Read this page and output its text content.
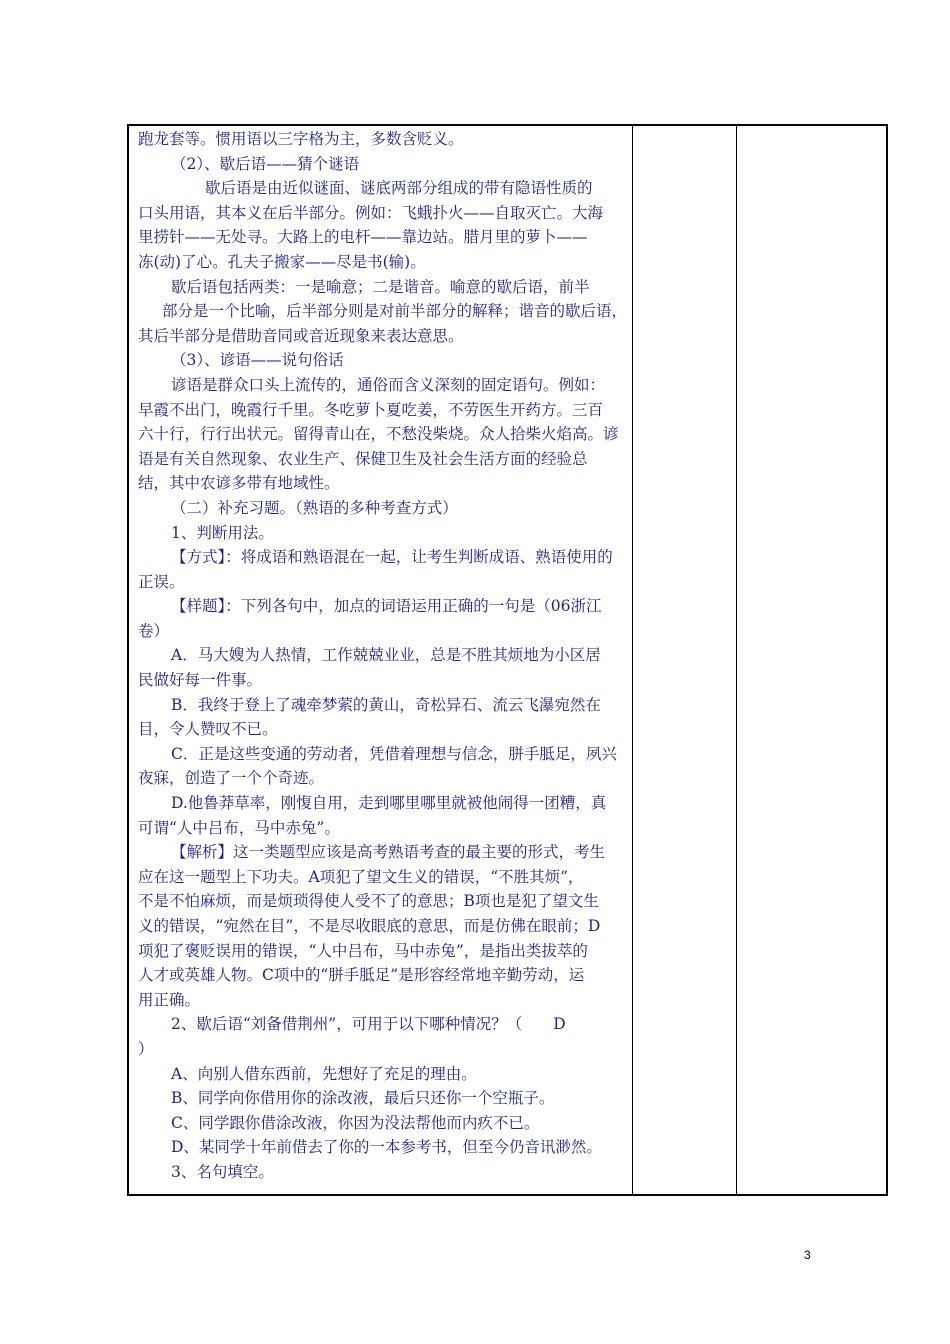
跑龙套等。惯用语以三字格为主，多数含贬义。

（2）、歇后语——猜个谜语

歇后语是由近似谜面、谜底两部分组成的带有隐语性质的

口头用语，其本义在后半部分。例如：飞蛾扑火——自取灭亡。大海

里捞针——无处寻。大路上的电杆——靠边站。腊月里的萝卜——

冻(动)了心。孔夫子搬家——尽是书(输)。

歇后语包括两类：一是喻意；二是谐音。喻意的歇后语，前半

部分是一个比喻，后半部分则是对前半部分的解释；谐音的歇后语，

其后半部分是借助音同或音近现象来表达意思。

（3）、谚语——说句俗话

谚语是群众口头上流传的，通俗而含义深刻的固定语句。例如：

早霞不出门，晚霞行千里。冬吃萝卜夏吃姜，不劳医生开药方。三百

六十行，行行出状元。留得青山在，不愁没柴烧。众人拾柴火焰高。谚

语是有关自然现象、农业生产、保健卫生及社会生活方面的经验总

结，其中农谚多带有地域性。

（二）补充习题。（熟语的多种考查方式）

1、判断用法。

【方式】：将成语和熟语混在一起，让考生判断成语、熟语使用的

正误。

【样题】：下列各句中，加点的词语运用正确的一句是（06浙江

卷）

A．马大嫂为人热情，工作兢兢业业，总是不胜其烦地为小区居

民做好每一件事。

B．我终于登上了魂牵梦萦的黄山，奇松异石、流云飞瀑宛然在

目，令人赞叹不已。

C．正是这些变通的劳动者，凭借着理想与信念，胼手胝足，夙兴

夜寐，创造了一个个奇迹。

D.他鲁莽草率，刚愎自用，走到哪里哪里就被他闹得一团糟，真

可谓“人中吕布，马中赤兔”。

【解析】这一类题型应该是高考熟语考查的最主要的形式，考生

应在这一题型上下功夫。A项犯了望文生义的错误，“不胜其烦”，

不是不怕麻烦，而是烦琐得使人受不了的意思；B项也是犯了望文生

义的错误，“宛然在目”，不是尽收眼底的意思，而是仿佛在眼前；D

项犯了褒贬误用的错误，“人中吕布，马中赤兔”，是指出类拔萃的

人才或英雄人物。C项中的“胼手胝足”是形容经常地辛勤劳动，运

用正确。

2、歇后语“刘备借荆州”，可用于以下哪种情况？（　　D

）

A、向别人借东西前，先想好了充足的理由。

B、同学向你借用你的涂改液，最后只还你一个空瓶子。

C、同学跟你借涂改液，你因为没法帮他而内疚不已。

D、某同学十年前借去了你的一本参考书，但至今仍音讯渺然。

3、名句填空。

3
